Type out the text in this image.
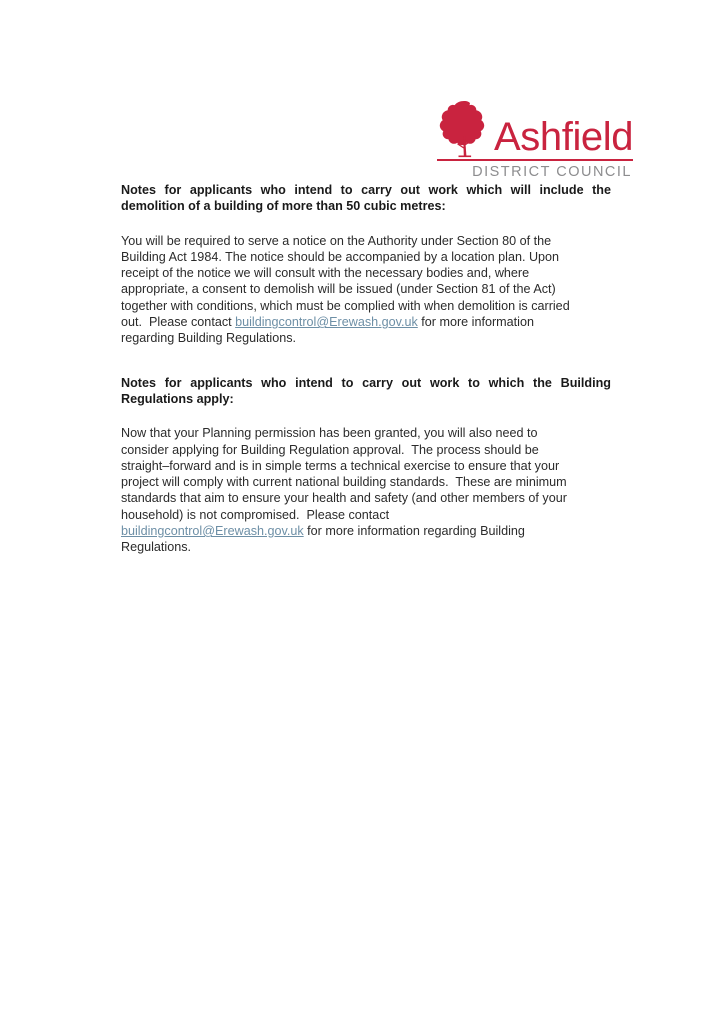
Ashfield
DISTRICT COUNCIL

Notes for applicants who intend to carry out work which will include the demolition of a building of more than 50 cubic metres:

You will be required to serve a notice on the Authority under Section 80 of the
Building Act 1984. The notice should be accompanied by a location plan. Upon
receipt of the notice we will consult with the necessary bodies and, where
appropriate, a consent to demolish will be issued (under Section 81 of the Act)
together with conditions, which must be complied with when demolition is carried
out.  Please contact buildingcontrol@Erewash.gov.uk for more information
regarding Building Regulations.

Notes for applicants who intend to carry out work to which the Building Regulations apply:

Now that your Planning permission has been granted, you will also need to
consider applying for Building Regulation approval.  The process should be
straight–forward and is in simple terms a technical exercise to ensure that your
project will comply with current national building standards.  These are minimum
standards that aim to ensure your health and safety (and other members of your
household) is not compromised.  Please contact
buildingcontrol@Erewash.gov.uk for more information regarding Building
Regulations.
